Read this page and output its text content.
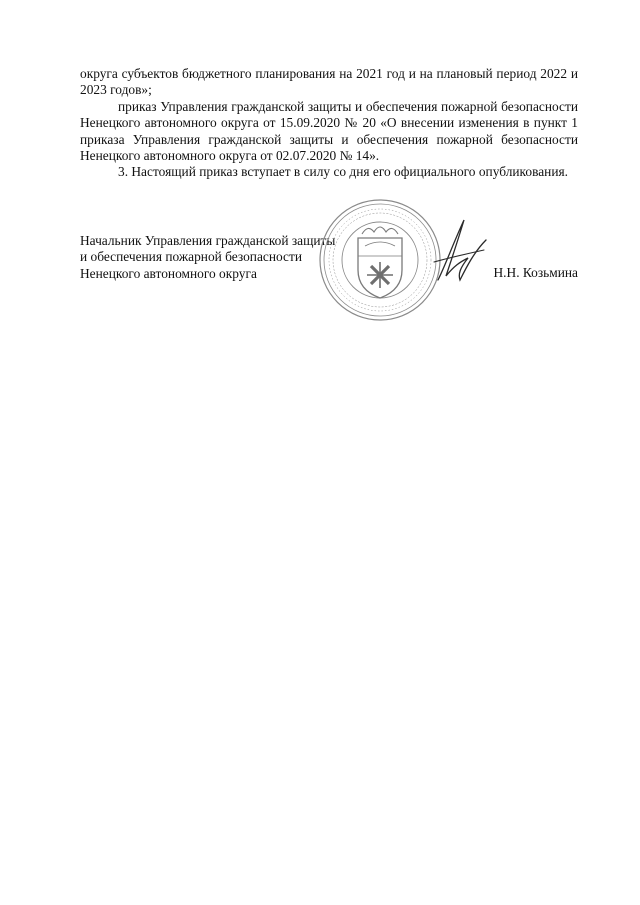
округа субъектов бюджетного планирования на 2021 год и на плановый период 2022 и 2023 годов»;

приказ Управления гражданской защиты и обеспечения пожарной безопасности Ненецкого автономного округа от 15.09.2020 № 20 «О внесении изменения в пункт 1 приказа Управления гражданской защиты и обеспечения пожарной безопасности Ненецкого автономного округа от 02.07.2020 № 14».

3. Настоящий приказ вступает в силу со дня его официального опубликования.

Начальник Управления гражданской защиты
и обеспечения пожарной безопасности
Ненецкого автономного округа	Н.Н. Козьмина
